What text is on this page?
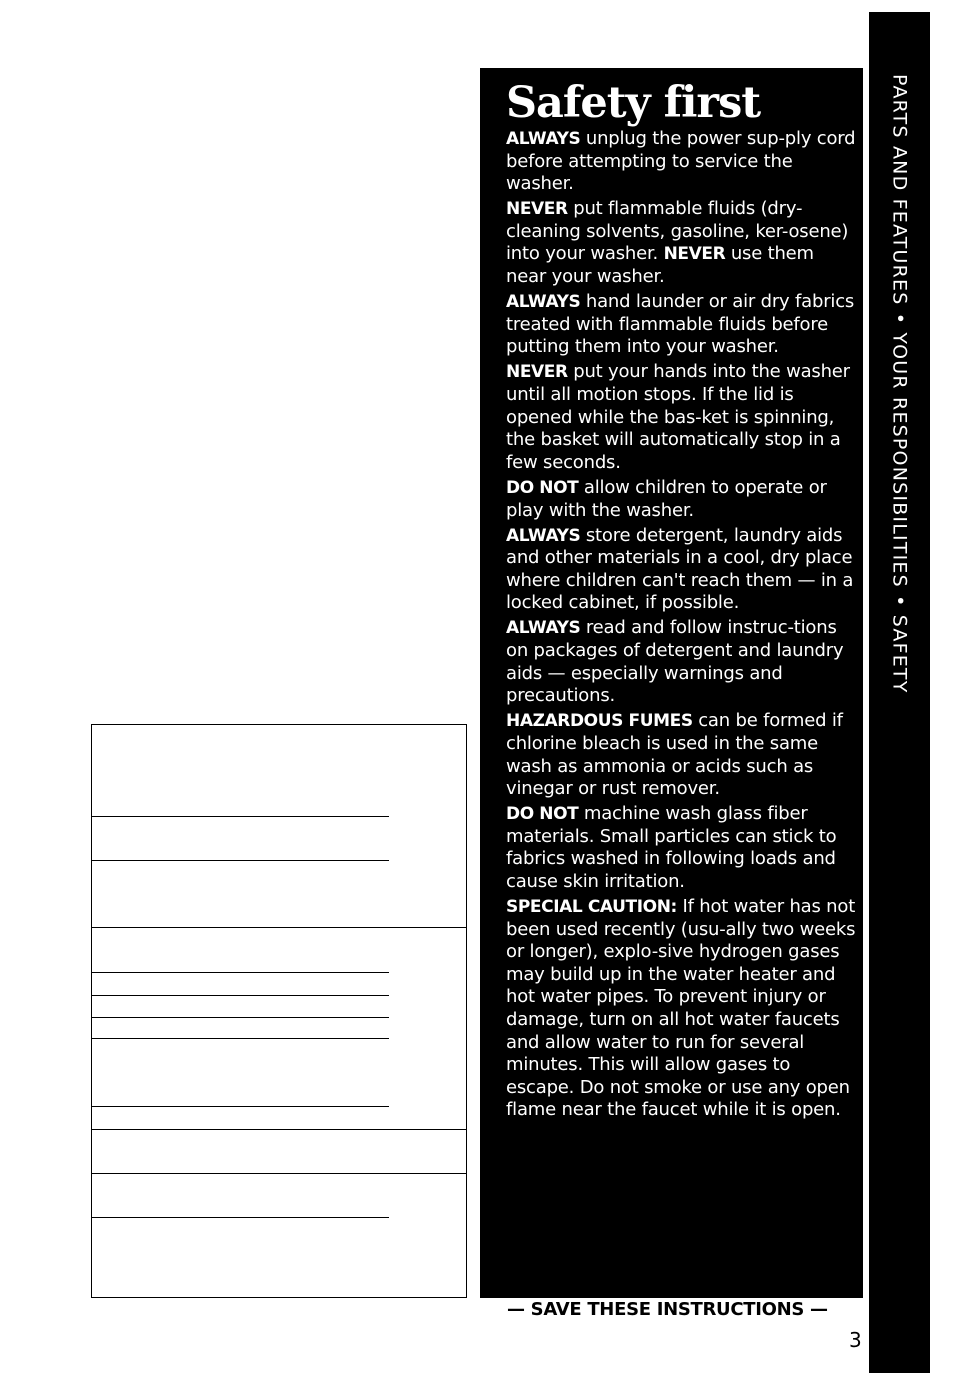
Safety first

ALWAYS unplug the power sup-ply cord before attempting to service the washer.

NEVER put flammable fluids (dry-cleaning solvents, gasoline, ker-osene) into your washer. NEVER use them near your washer.

ALWAYS hand launder or air dry fabrics treated with flammable fluids before putting them into your washer.

NEVER put your hands into the washer until all motion stops. If the lid is opened while the bas-ket is spinning, the basket will automatically stop in a few seconds.

DO NOT allow children to operate or play with the washer.

ALWAYS store detergent, laundry aids and other materials in a cool, dry place where children can't reach them — in a locked cabinet, if possible.

ALWAYS read and follow instruc-tions on packages of detergent and laundry aids — especially warnings and precautions.

HAZARDOUS FUMES can be formed if chlorine bleach is used in the same wash as ammonia or acids such as vinegar or rust remover.

DO NOT machine wash glass fiber materials. Small particles can stick to fabrics washed in following loads and cause skin irritation.

SPECIAL CAUTION: If hot water has not been used recently (usu-ally two weeks or longer), explo-sive hydrogen gases may build up in the water heater and hot water pipes. To prevent injury or damage, turn on all hot water faucets and allow water to run for several minutes. This will allow gases to escape. Do not smoke or use any open flame near the faucet while it is open.

— SAVE THESE INSTRUCTIONS —
PARTS AND FEATURES • YOUR RESPONSIBILITIES • SAFETY
3
